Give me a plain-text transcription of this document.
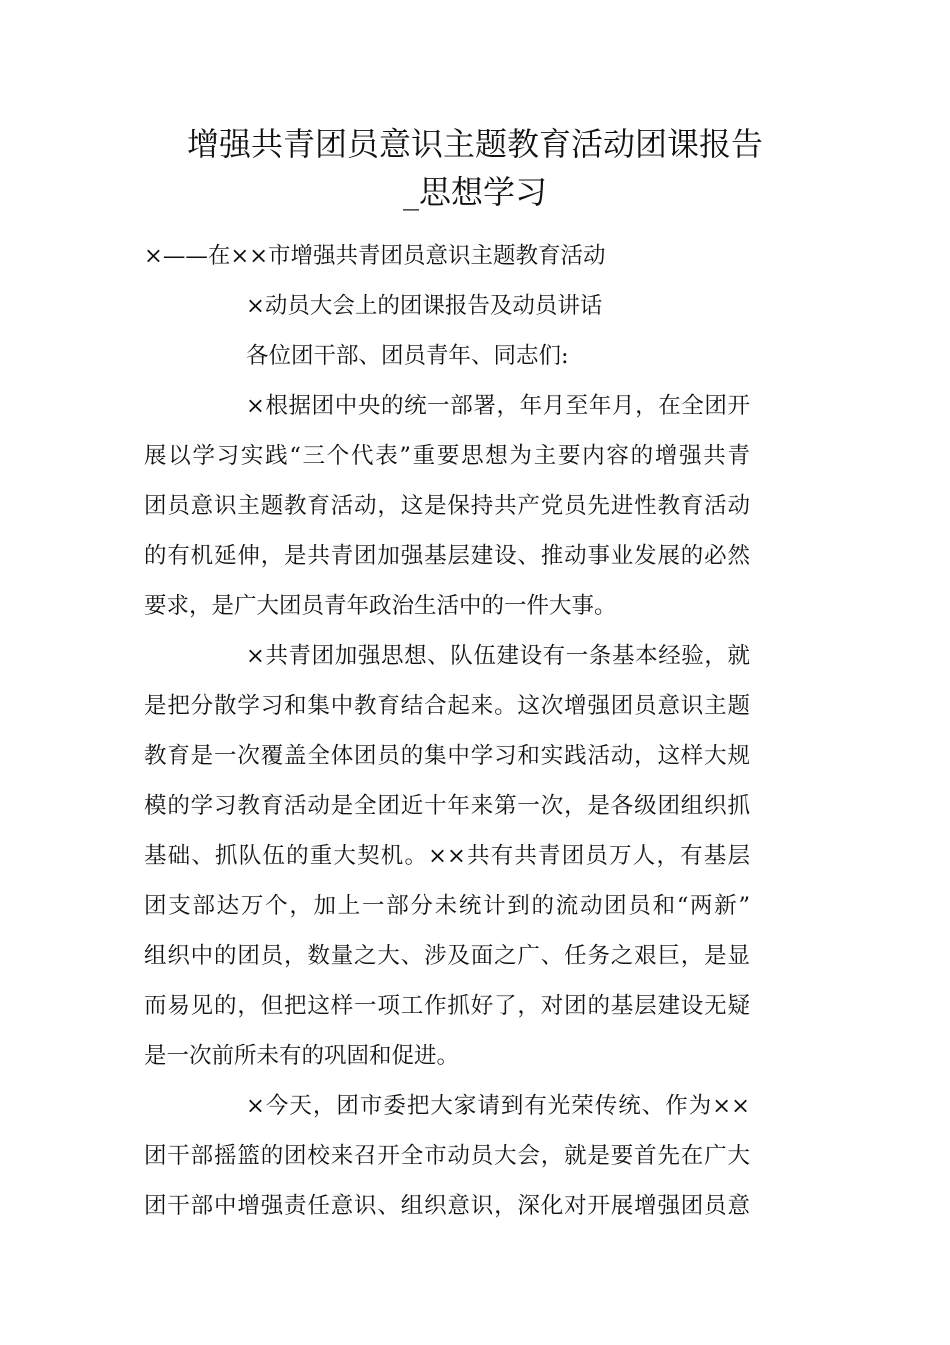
增强共青团员意识主题教育活动团课报告
_思想学习
×——在××市增强共青团员意识主题教育活动
×动员大会上的团课报告及动员讲话
各位团干部、团员青年、同志们:
×根据团中央的统一部署，年月至年月，在全团开
展以学习实践“三个代表”重要思想为主要内容的增强共青
团员意识主题教育活动，这是保持共产党员先进性教育活动
的有机延伸，是共青团加强基层建设、推动事业发展的必然
要求，是广大团员青年政治生活中的一件大事。
×共青团加强思想、队伍建设有一条基本经验，就
是把分散学习和集中教育结合起来。这次增强团员意识主题
教育是一次覆盖全体团员的集中学习和实践活动，这样大规
模的学习教育活动是全团近十年来第一次，是各级团组织抓
基础、抓队伍的重大契机。××共有共青团员万人，有基层
团支部达万个，加上一部分未统计到的流动团员和“两新”
组织中的团员，数量之大、涉及面之广、任务之艰巨，是显
而易见的，但把这样一项工作抓好了，对团的基层建设无疑
是一次前所未有的巩固和促进。
×今天，团市委把大家请到有光荣传统、作为××
团干部摇篮的团校来召开全市动员大会，就是要首先在广大
团干部中增强责任意识、组织意识，深化对开展增强团员意
